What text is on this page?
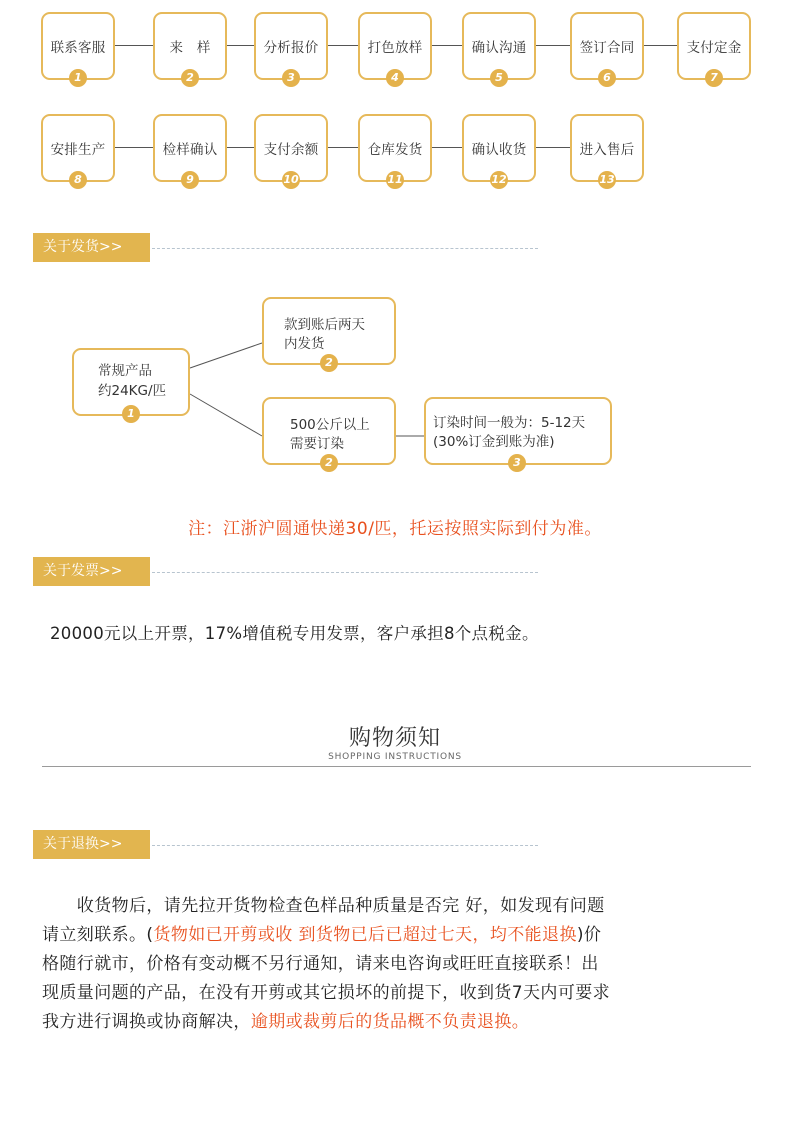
联系客服
1
来　样
2
分析报价
3
打色放样
4
确认沟通
5
签订合同
6
支付定金
7
安排生产
8
检样确认
9
支付余额
10
仓库发货
11
确认收货
12
进入售后
13
关于发货>>
常规产品
约24KG/匹
1
款到账后两天
内发货
2
500公斤以上
需要订染
2
订染时间一般为：5-12天
(30%订金到账为准)
3
注：江浙沪圆通快递30/匹，托运按照实际到付为准。
关于发票>>
20000元以上开票，17%增值税专用发票，客户承担8个点税金。
购物须知
SHOPPING INSTRUCTIONS
关于退换>>
　　收货物后，请先拉开货物检查色样品种质量是否完 好，如发现有问题
请立刻联系。(货物如已开剪或收 到货物已后已超过七天，均不能退换)价
格随行就市，价格有变动概不另行通知，请来电咨询或旺旺直接联系！出
现质量问题的产品，在没有开剪或其它损坏的前提下，收到货7天内可要求
我方进行调换或协商解决，逾期或裁剪后的货品概不负责退换。
